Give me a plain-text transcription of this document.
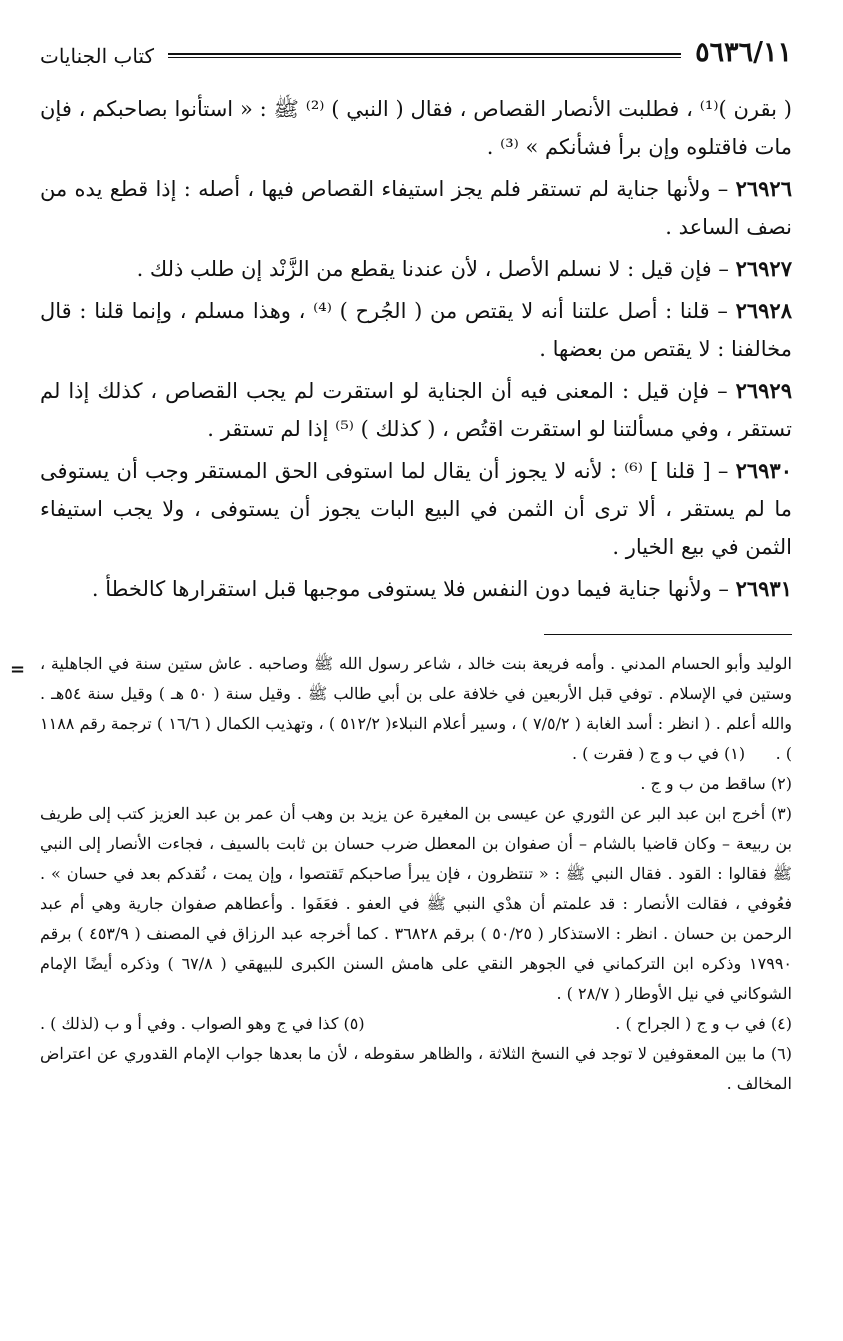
٥٦٣٦/١١
كتاب الجنايات

( بقرن )⁽¹⁾ ، فطلبت الأنصار القصاص ، فقال ( النبي ) ⁽²⁾ ﷺ : « استأنوا بصاحبكم ، فإن مات فاقتلوه وإن برأ فشأنكم » ⁽³⁾ .

٢٦٩٢٦ – ولأنها جناية لم تستقر فلم يجز استيفاء القصاص فيها ، أصله : إذا قطع يده من نصف الساعد .

٢٦٩٢٧ – فإن قيل : لا نسلم الأصل ، لأن عندنا يقطع من الزَّنْد إن طلب ذلك .

٢٦٩٢٨ – قلنا : أصل علتنا أنه لا يقتص من ( الجُرح ) ⁽⁴⁾ ، وهذا مسلم ، وإنما قلنا : قال مخالفنا : لا يقتص من بعضها .

٢٦٩٢٩ – فإن قيل : المعنى فيه أن الجناية لو استقرت لم يجب القصاص ، كذلك إذا لم تستقر ، وفي مسألتنا لو استقرت اقتُص ، ( كذلك ) ⁽⁵⁾ إذا لم تستقر .

٢٦٩٣٠ – [ قلنا ] ⁽⁶⁾ : لأنه لا يجوز أن يقال لما استوفى الحق المستقر وجب أن يستوفى ما لم يستقر ، ألا ترى أن الثمن في البيع البات يجوز أن يستوفى ، ولا يجب استيفاء الثمن في بيع الخيار .

٢٦٩٣١ – ولأنها جناية فيما دون النفس فلا يستوفى موجبها قبل استقرارها كالخطأ .

= الوليد وأبو الحسام المدني . وأمه فريعة بنت خالد ، شاعر رسول الله ﷺ وصاحبه . عاش ستين سنة في الجاهلية ، وستين في الإسلام . توفي قبل الأربعين في خلافة على بن أبي طالب ﷺ . وقيل سنة ( ٥٠ هـ ) وقيل سنة ٥٤هـ . والله أعلم . ( انظر : أسد الغابة ( ٧/٥/٢ ) ، وسير أعلام النبلاء( ٥١٢/٢ ) ، وتهذيب الكمال ( ١٦/٦ ) ترجمة رقم ١١٨٨ ) .      (١) في ب و ج ( فقرت ) .

(٢) ساقط من ب و ج .

(٣) أخرج ابن عبد البر عن الثوري عن عيسى بن المغيرة عن يزيد بن وهب أن عمر بن عبد العزيز كتب إلى طريف بن ربيعة – وكان قاضيا بالشام – أن صفوان بن المعطل ضرب حسان بن ثابت بالسيف ، فجاءت الأنصار إلى النبي ﷺ فقالوا : القود . فقال النبي ﷺ : « تنتظرون ، فإن يبرأ صاحبكم تَقتصوا ، وإن يمت ، نُقدكم بعد في حسان » . فعُوفي ، فقالت الأنصار : قد علمتم أن هدْي النبي ﷺ في العفو . فعَفَوا . وأعطاهم صفوان جارية وهي أم عبد الرحمن بن حسان . انظر : الاستذكار ( ٥٠/٢٥ ) برقم ٣٦٨٢٨ . كما أخرجه عبد الرزاق في المصنف ( ٤٥٣/٩ ) برقم ١٧٩٩٠ وذكره ابن التركماني في الجوهر النقي على هامش السنن الكبرى للبيهقي ( ٦٧/٨ ) وذكره أيضًا الإمام الشوكاني في نيل الأوطار ( ٢٨/٧ ) .

(٤) في ب و ج ( الجراح ) .
(٥) كذا في ج وهو الصواب . وفي أ و ب (لذلك ) .

(٦) ما بين المعقوفين لا توجد في النسخ الثلاثة ، والظاهر سقوطه ، لأن ما بعدها جواب الإمام القدوري عن اعتراض المخالف .
